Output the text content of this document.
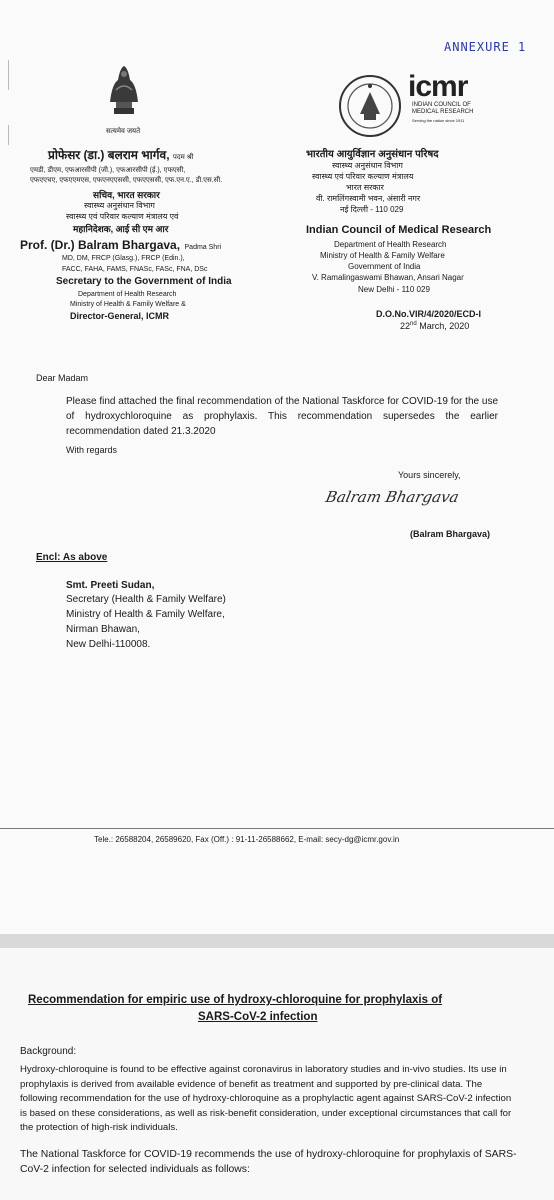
ANNEXURE 1
सत्यमेव जयते
प्रोफेसर (डा.) बलराम भार्गव, पदम श्री
एमडी, डीएम, एफआरसीपी (जी.), एफआरसीपी (ई.), एफएसी,
एफएएचए, एफएएमएस, एफएनएएससी, एफएएससी, एफ.एन.ए., डी.एस.सी.
सचिव, भारत सरकार
स्वास्थ्य अनुसंधान विभाग
स्वास्थ्य एवं परिवार कल्याण मंत्रालय एवं
महानिदेशक, आई सी एम आर
Prof. (Dr.) Balram Bhargava, Padma Shri
MD, DM, FRCP (Glasg.), FRCP (Edin.),
FACC, FAHA, FAMS, FNASc, FASc, FNA, DSc
Secretary to the Government of India
Department of Health Research
Ministry of Health & Family Welfare &
Director-General, ICMR
icmr
INDIAN COUNCIL OF
MEDICAL RESEARCH
Serving the nation since 1911
भारतीय आयुर्विज्ञान अनुसंधान परिषद
स्वास्थ्य अनुसंधान विभाग
स्वास्थ्य एवं परिवार कल्याण मंत्रालय
भारत सरकार
वी. रामलिंगस्वामी भवन, अंसारी नगर
नई दिल्ली - 110 029
Indian Council of Medical Research
Department of Health Research
Ministry of Health & Family Welfare
Government of India
V. Ramalingaswami Bhawan, Ansari Nagar
New Delhi - 110 029
D.O.No.VIR/4/2020/ECD-I
22nd March, 2020
Dear Madam
Please find attached the final recommendation of the National Taskforce for COVID-19 for the use of hydroxychloroquine as prophylaxis. This recommendation supersedes the earlier recommendation dated 21.3.2020
With regards
Yours sincerely,
Balram Bhargava
(Balram Bhargava)
Encl: As above
Smt. Preeti Sudan,
Secretary (Health & Family Welfare)
Ministry of Health & Family Welfare,
Nirman Bhawan,
New Delhi-110008.
Tele.: 26588204, 26589620, Fax (Off.) : 91-11-26588662, E-mail: secy-dg@icmr.gov.in
Recommendation for empiric use of hydroxy-chloroquine for prophylaxis of
SARS-CoV-2 infection
Background:
Hydroxy-chloroquine is found to be effective against coronavirus in laboratory studies and in-vivo studies. Its use in prophylaxis is derived from available evidence of benefit as treatment and supported by pre-clinical data. The following recommendation for the use of hydroxy-chloroquine as a prophylactic agent against SARS-CoV-2 infection is based on these considerations, as well as risk-benefit consideration, under exceptional circumstances that call for the protection of high-risk individuals.
The National Taskforce for COVID-19 recommends the use of hydroxy-chloroquine for prophylaxis of SARS-CoV-2 infection for selected individuals as follows:
